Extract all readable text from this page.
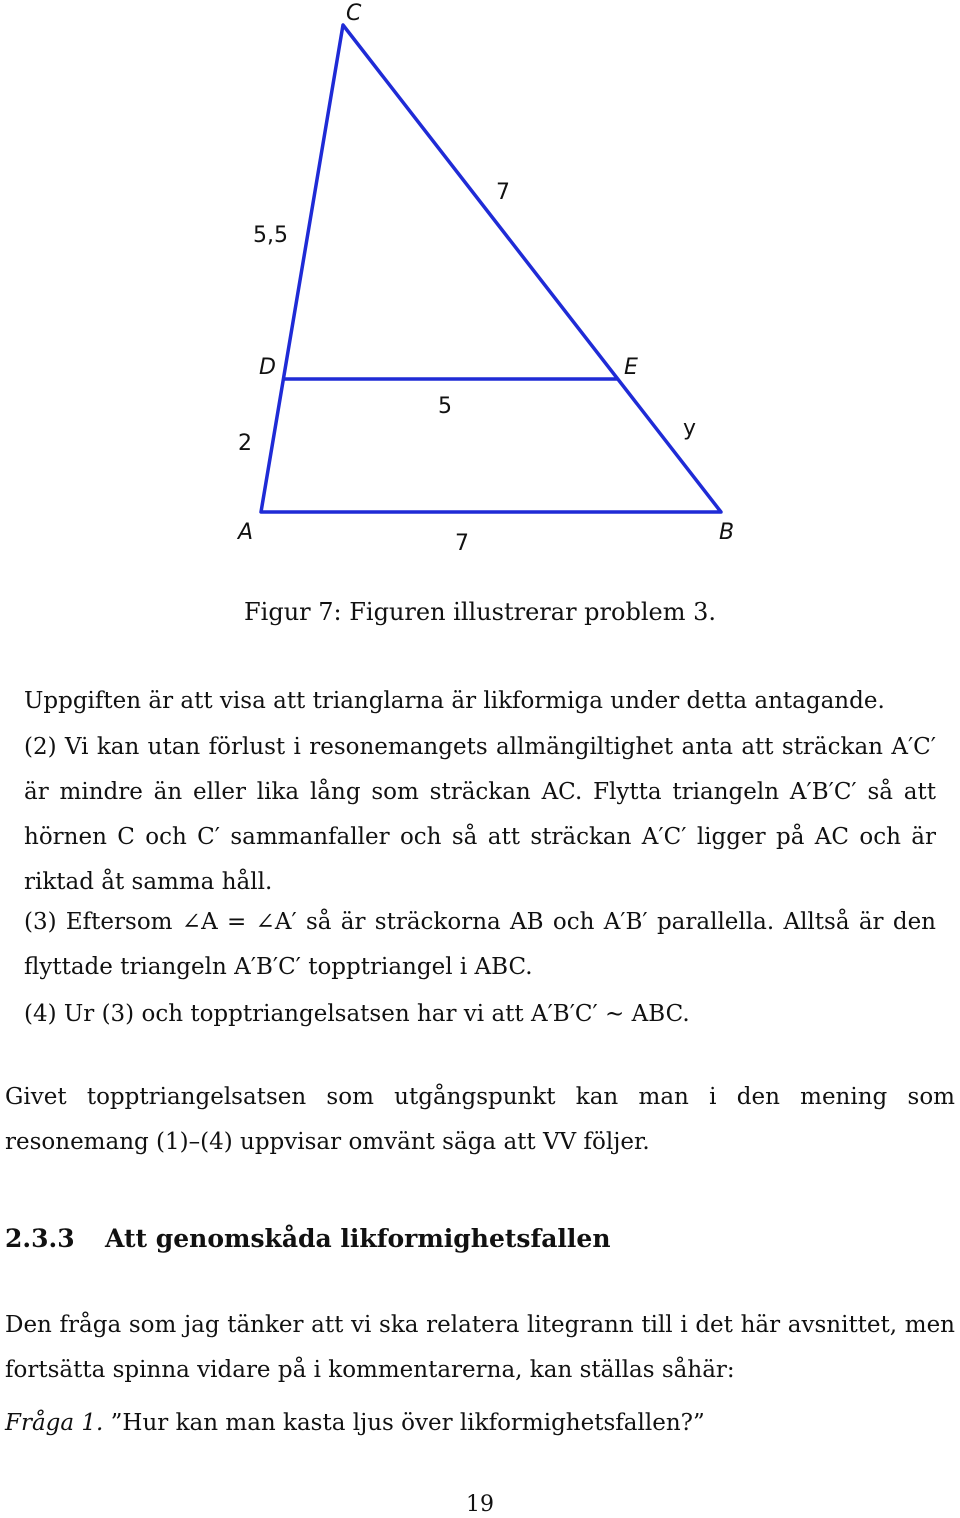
C
D	E
A	B
5,5
7
5
2
y
7
Figur 7: Figuren illustrerar problem 3.

Uppgiften är att visa att trianglarna är likformiga under detta antagande.

(2) Vi kan utan förlust i resonemangets allmängiltighet anta att sträckan A′C′ är mindre än eller lika lång som sträckan AC. Flytta triangeln A′B′C′ så att hörnen C och C′ sammanfaller och så att sträckan A′C′ ligger på AC och är riktad åt samma håll.

(3) Eftersom ∠A = ∠A′ så är sträckorna AB och A′B′ parallella. Alltså är den flyttade triangeln A′B′C′ topptriangel i ABC.

(4) Ur (3) och topptriangelsatsen har vi att A′B′C′ ∼ ABC.

Givet topptriangelsatsen som utgångspunkt kan man i den mening som resonemang (1)–(4) uppvisar omvänt säga att VV följer.

2.3.3 Att genomskåda likformighetsfallen

Den fråga som jag tänker att vi ska relatera litegrann till i det här avsnittet, men fortsätta spinna vidare på i kommentarerna, kan ställas såhär:

Fråga 1. ”Hur kan man kasta ljus över likformighetsfallen?”
19
